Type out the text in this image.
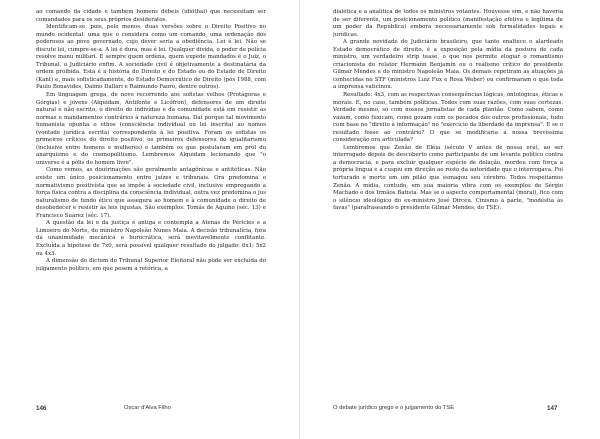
ao comando da cidade e também homens débeis (idiôthai) que necessitam ser comandados para os seus próprios desideratos.

Identificam-se, pois, pelo menos, duas versões sobre o Direito Positivo no mundo ocidental: uma que o considera como um comando, uma ordenação dos poderosos ao povo governado, cujo dever seria a obediência. Lei é lei. Não se discute lei, cumpre-se-a. A lei é dura, mas é lei. Qualquer divida, o poder de polícia resolve manu militari. E sempre quem ordena, quem expede mandados é o Juiz, o Tribunal, o Judiciário enfim. A sociedade civil é objetivamente a destinatária da ordem proibida. Esta é a história do Direito e do Estado ou do Estado de Direito (Kant) e, mais sofisticadamente, do Estado Democrático de Direito (pós 1988, com Paulo Bonavides, Dalmo Dallari e Raimundo Faoro, dentre outros).

Em linguagem grega, de novo recorrendo aos sofistas velhos (Protágoras e Górgias) e jovens (Alquidam, Antifonte e Licófron), defensores de um direito natural e não escrito, o direito do indivíduo e da comunidade está em resistir às normas e mandamentos contrários à natureza humana. Daí porque tal movimento humanista opunha o ethos (consciência individual ou lei inscrita) ao nomos (vontade jurídica escrita) correspondente à lei positiva. Foram os sofistas os primeiros críticos do direito positivo, os primeiros defensores do igualitarismo (inclusive entre homens e mulheres) e também os que postularam em pról do anarquismo e do cosmopolitismo. Lembremos Alquidam lecionando que "o universo é a pólis do homem livre".

Como vemos, as doutrinações são geralmente antagônicas e antitéticas. Não existe um único posicionamento entre juízes e tribunais. Ora predomina o normativismo positivista que se impõe à sociedade civil, inclusive empregando a força física contra a disciplina da consciência individual, outra vez predomina o jus naturalismo de fundo ético que assegura ao homem e à comunidade o direito de desobedecer e resistir às leis injustas. São exemplos: Tomás de Aquino (séc. 13) e Francisco Suárez (séc. 17).

A questão da lei e da justiça é antiga e contempla a Atenas de Péricles e a Limoeiro do Norte, do ministro Napoleão Nunes Maia. A decisão tribunalícia, fora da unanimidade mecânica e burocrática, será inevitavelmente conflitante. Excluída a hipótese de 7x0, será possível qualquer resultado do julgado: 6x1; 5x2 ou 4x3.

A dimensão do dictum do Tribunal Superior Eleitoral não pode ser excluída do julgamento político, em que pesem a retórica, a

146	Oscar d'Alva Filho

dialética e a analítica de todos os ministros votantes. Houvesse sim, e não haveria de ser diferente, um posicionamento político (manifestação efetiva e legítima de um poder da República) embora necessariamente sob formalidades legais e jurídicas.

A grande novidade do Judiciário brasileiro, que tanto enaltece o alardeado Estado democrático de direito, é a exposição pela mídia da postura de cada ministro, um verdadeiro strip tease, o que nos permite elogiar o romantismo criacionista do relator Hermann Benjamin ou o realismo crítico do presidente Gilmar Mendes e do ministro Napoleão Maia. Os demais repetiram as atuações já conhecidas no STF (ministros Luiz Fux e Rosa Weber) ou confirmaram o que toda a imprensa vaticinou.

Resultado: 4x3, com as respectivas consequências lógicas, ontológicas, éticas e morais. E, no caso, também políticas. Todos com suas razões, com suas certezas. Verdade mesmo, só com nossos jornalistas de cada plantão. Como sabem, como vazam, como fuxicam, como gozam com os pecados dos outros profissionais, tudo com base no "direito à informação" no "exercício da liberdade da imprensa". E se o resultado fosse ao contrário? O que se modificaria a nossa brevíssima consideração ora articulada?

Lembremos que Zenão de Eléia (século V antes de nossa era), ao ser interrogado depois de descoberto como participante de um levante político contra a democracia, e para excluir qualquer espécie de delação, mordeu com força a própria língua e a cuspiu em direção ao rosto da autoridade que o interrogava. Foi torturado e morto em um pilão que esmagou seu cérebro. Todos respeitamos Zenão. A mídia, contudo, em sua maioria vibra com os exemplos de Sérgio Machado e dos Irmãos Batista. Mas se o aspecto comportamental (moral), fico com o silêncio ideológico do ex-ministro José Dirceu. Cinismo à parte, "modéstia às favas" (parafraseando o presidente Gilmar Mendes, do TSE).

O debate jurídico grego e o julgamento do TSE	147
